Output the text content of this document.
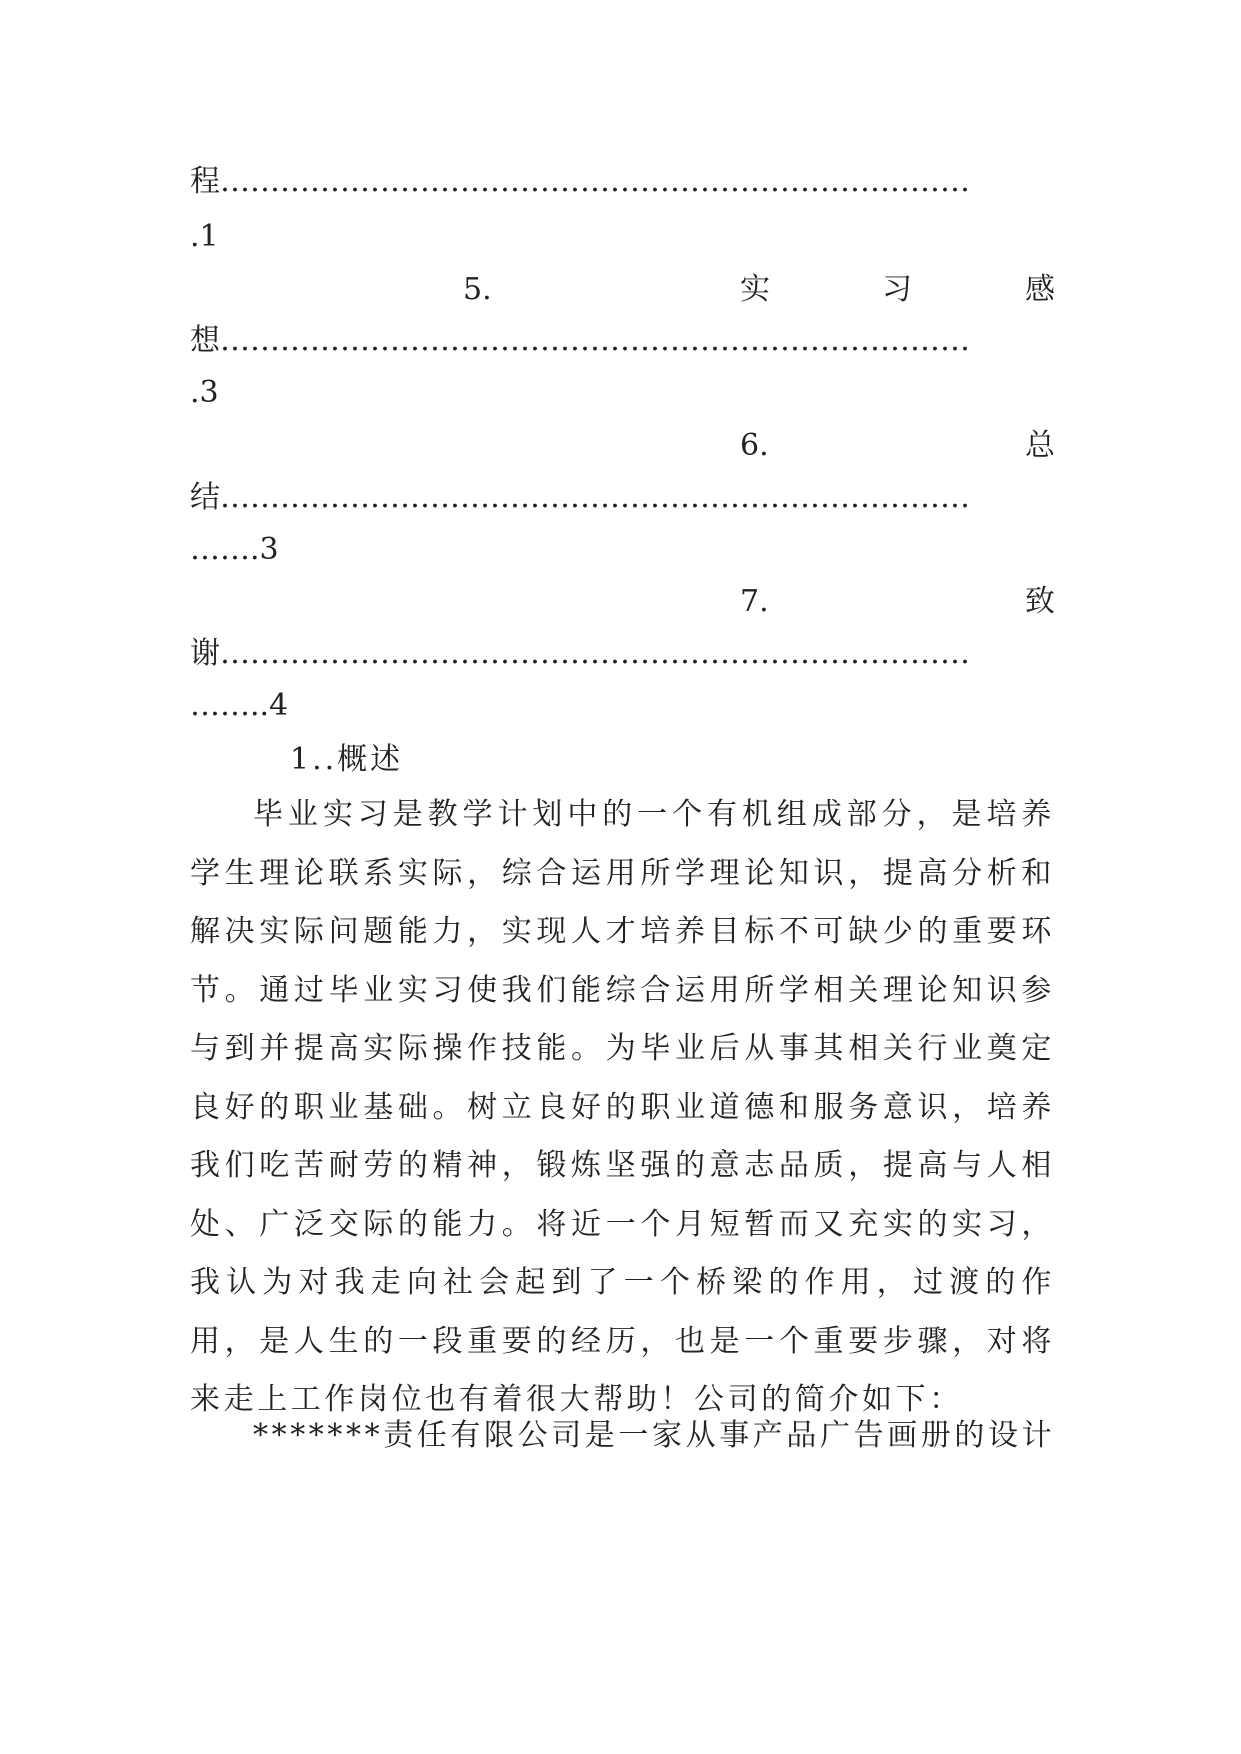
程…………………………………………………………………
.1
5.	实	习	感
想…………………………………………………………………
.3
6.	总
结…………………………………………………………………
…….3
7.	致
谢…………………………………………………………………
……..4
1..概述
毕业实习是教学计划中的一个有机组成部分，是培养学生理论联系实际，综合运用所学理论知识，提高分析和解决实际问题能力，实现人才培养目标不可缺少的重要环节。通过毕业实习使我们能综合运用所学相关理论知识参与到并提高实际操作技能。为毕业后从事其相关行业奠定良好的职业基础。树立良好的职业道德和服务意识，培养我们吃苦耐劳的精神，锻炼坚强的意志品质，提高与人相处、广泛交际的能力。将近一个月短暂而又充实的实习，我认为对我走向社会起到了一个桥梁的作用，过渡的作用，是人生的一段重要的经历，也是一个重要步骤，对将来走上工作岗位也有着很大帮助！公司的简介如下：
*******责任有限公司是一家从事产品广告画册的设计
